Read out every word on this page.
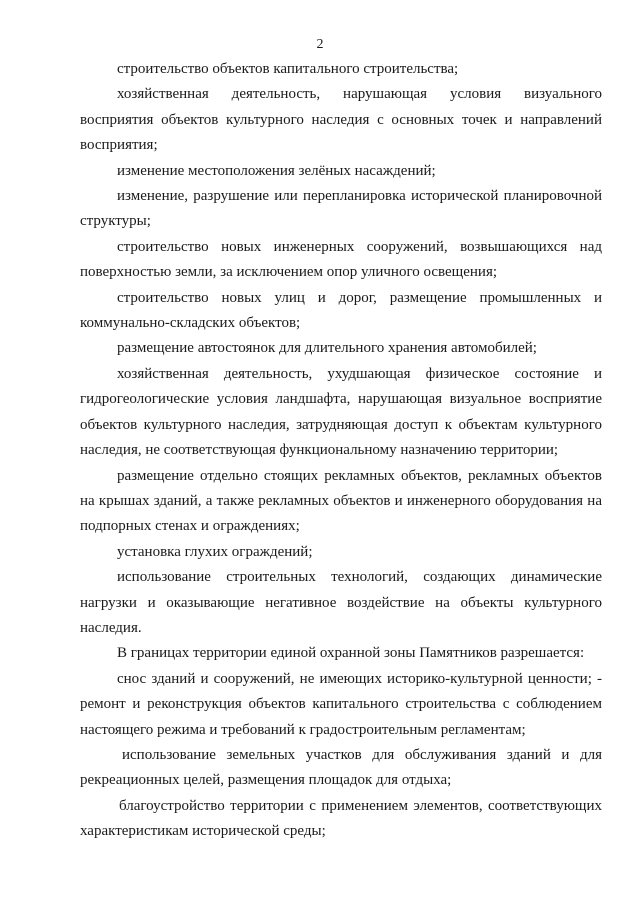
2

строительство объектов капитального строительства;

хозяйственная деятельность, нарушающая условия визуального восприятия объектов культурного наследия с основных точек и направлений восприятия;

изменение местоположения зелёных насаждений;

изменение, разрушение или перепланировка исторической планировочной структуры;

строительство новых инженерных сооружений, возвышающихся над поверхностью земли, за исключением опор уличного освещения;

строительство новых улиц и дорог, размещение промышленных и коммунально-складских объектов;

размещение автостоянок для длительного хранения автомобилей;

хозяйственная деятельность, ухудшающая физическое состояние и гидрогеологические условия ландшафта, нарушающая визуальное восприятие объектов культурного наследия, затрудняющая доступ к объектам культурного наследия, не соответствующая функциональному назначению территории;

размещение отдельно стоящих рекламных объектов, рекламных объектов на крышах зданий, а также рекламных объектов и инженерного оборудования на подпорных стенах и ограждениях;

установка глухих ограждений;

использование строительных технологий, создающих динамические нагрузки и оказывающие негативное воздействие на объекты культурного наследия.

В границах территории единой охранной зоны Памятников разрешается:

снос зданий и сооружений, не имеющих историко-культурной ценности; - ремонт и реконструкция объектов капитального строительства с соблюдением настоящего режима и требований к градостроительным регламентам;

использование земельных участков для обслуживания зданий и для рекреационных целей, размещения площадок для отдыха;

благоустройство территории с применением элементов, соответствующих характеристикам исторической среды;
